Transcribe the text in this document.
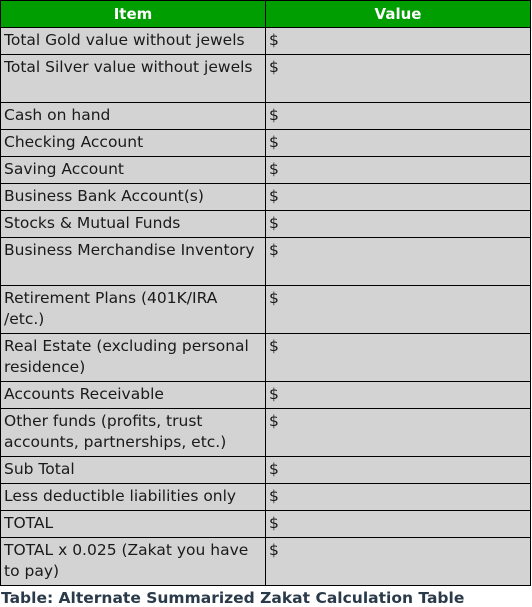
Item	Value
Total Gold value without jewels	$
Total Silver value without jewels	$
Cash on hand	$
Checking Account	$
Saving Account	$
Business Bank Account(s)	$
Stocks & Mutual Funds	$
Business Merchandise Inventory	$
Retirement Plans (401K/IRA /etc.)	$
Real Estate (excluding personal residence)	$
Accounts Receivable	$
Other funds (profits, trust accounts, partnerships, etc.)	$
Sub Total	$
Less deductible liabilities only	$
TOTAL	$
TOTAL x 0.025 (Zakat you have to pay)	$
Table: Alternate Summarized Zakat Calculation Table
